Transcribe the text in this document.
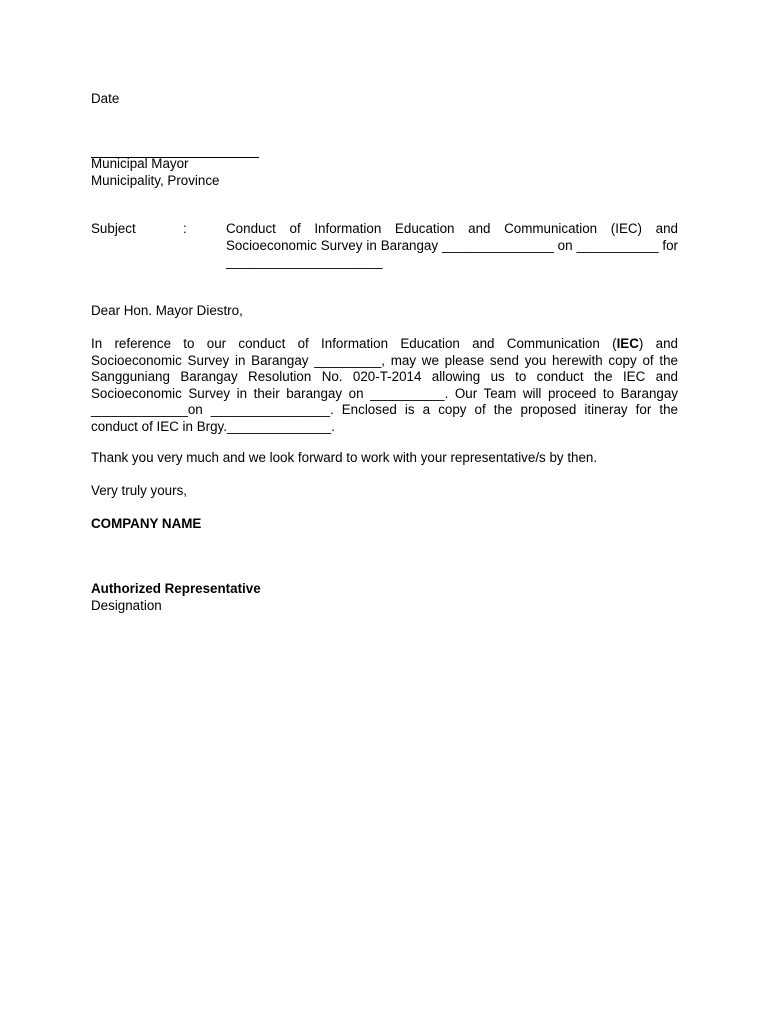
Date
Municipal Mayor
Municipality, Province
Subject	:	Conduct of Information Education and Communication (IEC) and Socioeconomic Survey in Barangay _______________ on ___________ for _____________________
Dear Hon. Mayor Diestro,
In reference to our conduct of Information Education and Communication (IEC) and Socioeconomic Survey in Barangay _________, may we please send you herewith copy of the Sangguniang Barangay Resolution No. 020-T-2014 allowing us to conduct the IEC and Socioeconomic Survey in their barangay on __________. Our Team will proceed to Barangay _____________on ________________. Enclosed is a copy of the proposed itineray for the conduct of IEC in Brgy.______________.
Thank you very much and we look forward to work with your representative/s by then.
Very truly yours,
COMPANY NAME
Authorized Representative
Designation
